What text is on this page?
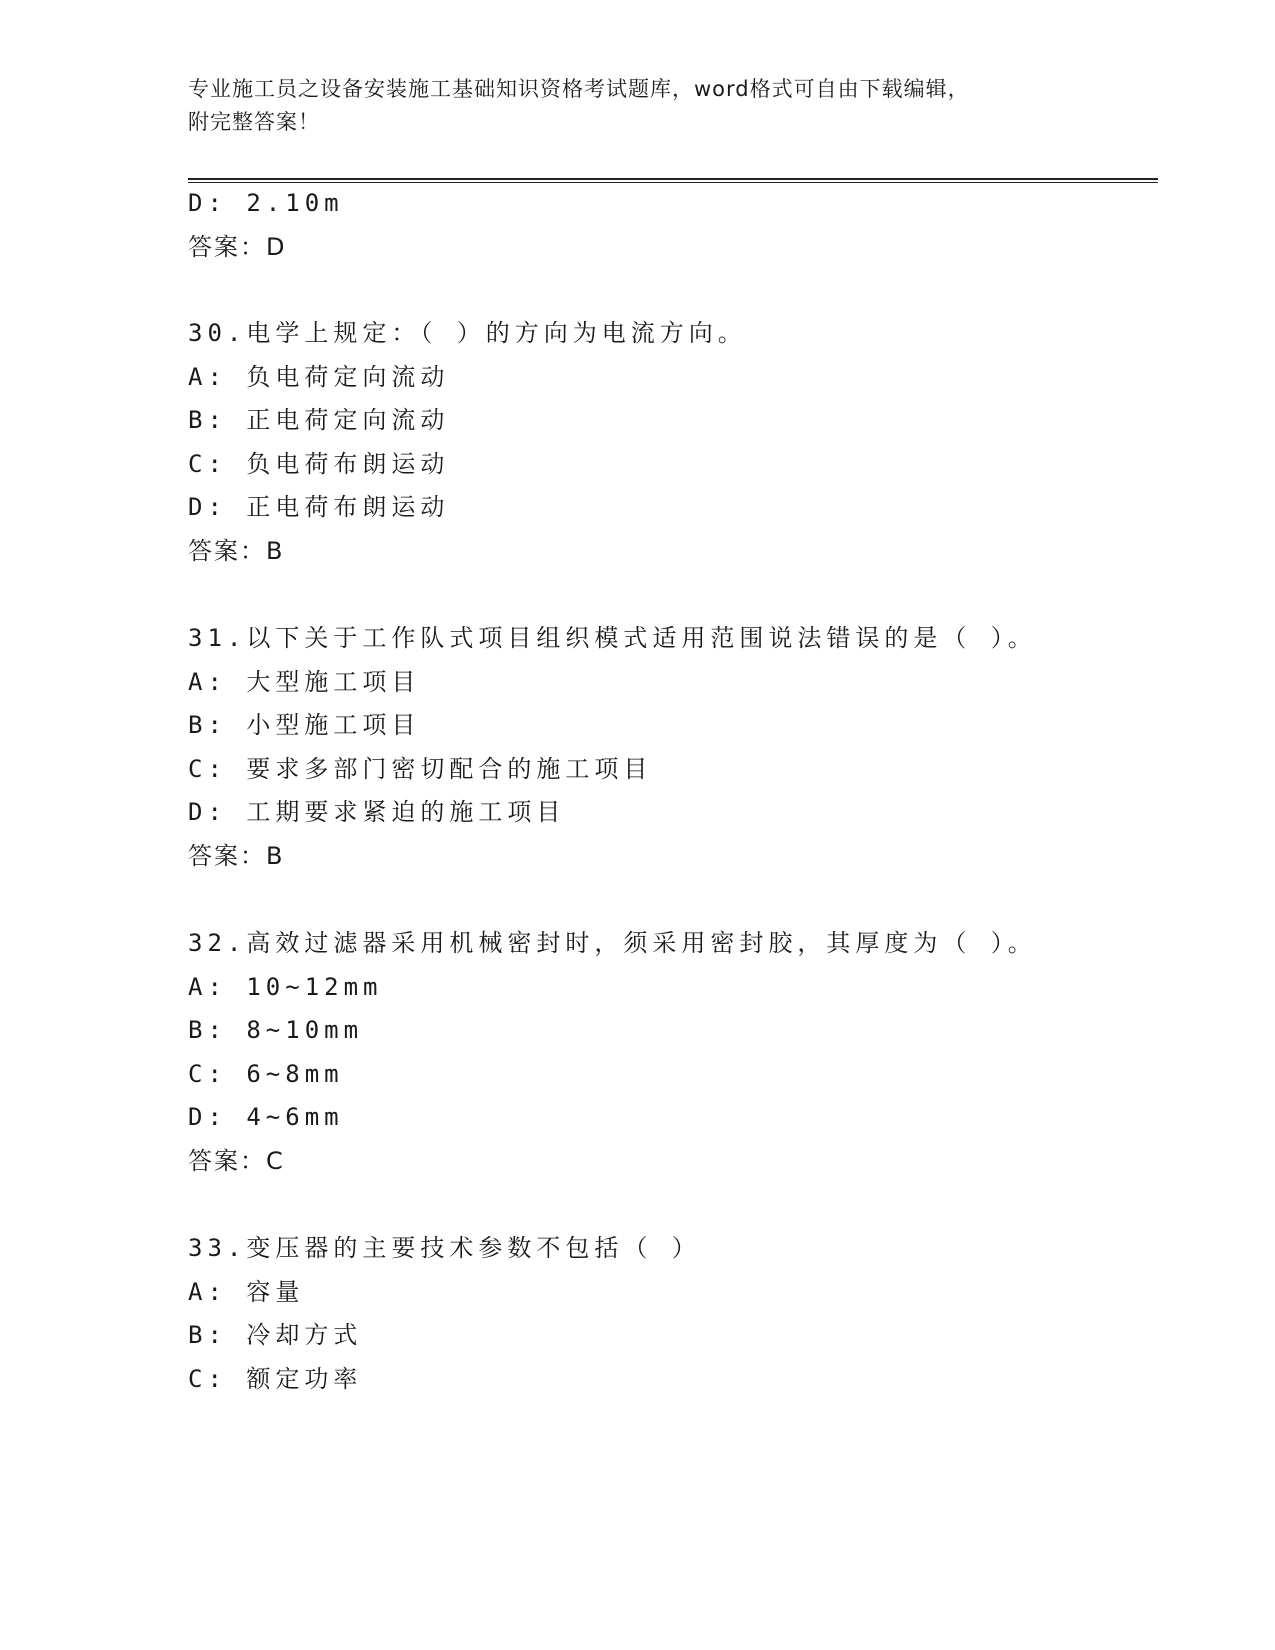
专业施工员之设备安装施工基础知识资格考试题库，word格式可自由下载编辑，
附完整答案！
D: 2.10m
答案：D
30.电学上规定：（ ）的方向为电流方向。
A: 负电荷定向流动
B: 正电荷定向流动
C: 负电荷布朗运动
D: 正电荷布朗运动
答案：B
31.以下关于工作队式项目组织模式适用范围说法错误的是（ ）。
A: 大型施工项目
B: 小型施工项目
C: 要求多部门密切配合的施工项目
D: 工期要求紧迫的施工项目
答案：B
32.高效过滤器采用机械密封时，须采用密封胶，其厚度为（ ）。
A: 10~12mm
B: 8~10mm
C: 6~8mm
D: 4~6mm
答案：C
33.变压器的主要技术参数不包括（ ）
A: 容量
B: 冷却方式
C: 额定功率
